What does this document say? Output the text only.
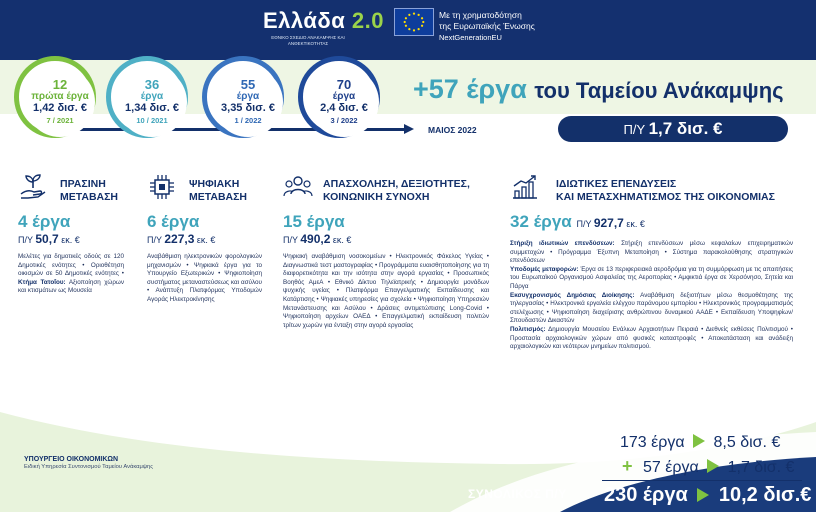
Ελλάδα 2.0
ΕΘΝΙΚΟ ΣΧΕΔΙΟ ΑΝΑΚΑΜΨΗΣ ΚΑΙ ΑΝΘΕΚΤΙΚΟΤΗΤΑΣ
Με τη χρηματοδότηση
της Ευρωπαϊκής Ένωσης
NextGenerationEU
12
πρώτα έργα
1,42 δισ. €
7 / 2021
36
έργα
1,34 δισ. €
10 / 2021
55
έργα
3,35 δισ. €
1 / 2022
70
έργα
2,4 δισ. €
3 / 2022
+57 έργα του Ταμείου Ανάκαμψης
ΜΑΙΟΣ 2022	Π/Υ 1,7 δισ. €
ΠΡΑΣΙΝΗ
ΜΕΤΑΒΑΣΗ
4 έργα
Π/Υ 50,7 εκ. €
Μελέτες για δημοτικές οδούς σε 120 Δημοτικές ενότητες • Οριοθέτηση οικισμών σε 50 Δημοτικές ενότητες • Κτήμα Τατοΐου: Αξιοποίηση χώρων και κτισμάτων ως Μουσεία
ΨΗΦΙΑΚΗ
ΜΕΤΑΒΑΣΗ
6 έργα
Π/Υ 227,3 εκ. €
Αναβάθμιση ηλεκτρονικών φορολογικών μηχανισμών • Ψηφιακά έργα για το Υπουργείο Εξωτερικών • Ψηφιοποίηση συστήματος μεταναστεύσεως και ασύλου • Ανάπτυξη Πλατφόρμας Υποδομών Αγοράς Ηλεκτροκίνησης
ΑΠΑΣΧΟΛΗΣΗ, ΔΕΞΙΟΤΗΤΕΣ,
ΚΟΙΝΩΝΙΚΗ ΣΥΝΟΧΗ
15 έργα
Π/Υ 490,2 εκ. €
Ψηφιακή αναβάθμιση νοσοκομείων • Ηλεκτρονικός Φάκελος Υγείας • Διαγνωστικά τεστ μαστογραφίας • Προγράμματα ευαισθητοποίησης για τη διαφορετικότητα και την ισότητα στην αγορά εργασίας • Προσωπικός Βοηθός ΑμεΑ • Εθνικό Δίκτυο Τηλεϊατρικής • Δημιουργία μονάδων ψυχικής υγείας • Πλατφόρμα Επαγγελματικής Εκπαίδευσης και Κατάρτισης • Ψηφιακές υπηρεσίες για σχολεία • Ψηφιοποίηση Υπηρεσιών Μετανάστευσης και Ασύλου • Δράσεις αντιμετώπισης Long-Covid • Ψηφιοποίηση αρχείων ΟΑΕΔ • Επαγγελματική εκπαίδευση πολιτών τρίτων χωρών για ένταξη στην αγορά εργασίας
ΙΔΙΩΤΙΚΕΣ ΕΠΕΝΔΥΣΕΙΣ
ΚΑΙ ΜΕΤΑΣΧΗΜΑΤΙΣΜΟΣ ΤΗΣ ΟΙΚΟΝΟΜΙΑΣ
32 έργα Π/Υ 927,7 εκ. €
Στήριξη ιδιωτικών επενδύσεων: Στήριξη επενδύσεων μέσω κεφαλαίων επιχειρηματικών συμμετοχών • Πρόγραμμα Έξυπνη Μεταποίηση • Σύστημα παρακολούθησης στρατηγικών επενδύσεων
Υποδομές μεταφορών: Έργα σε 13 περιφερειακά αεροδρόμια για τη συμμόρφωση με τις απαιτήσεις του Ευρωπαϊκού Οργανισμού Ασφαλείας της Αεροπορίας • Αμφικτιά έργα σε Χερσόνησο, Σητεία και Πάργα
Εκσυγχρονισμός Δημόσιας Διοίκησης: Αναβάθμιση δεξιοτήτων μέσω θεσμοθέτησης της τηλεργασίας • Ηλεκτρονικά εργαλεία ελέγχου παράνομου εμπορίου • Ηλεκτρονικός προγραμματισμός στελέχωσης • Ψηφιοποίηση διαχείρισης ανθρώπινου δυναμικού ΑΑΔΕ • Εκπαίδευση Υποψηφίων/Σπουδαστών Δικαστών
Πολιτισμός: Δημιουργία Μουσείου Ενάλιων Αρχαιοτήτων Πειραιά • Διεθνείς εκθέσεις Πολιτισμού • Προστασία αρχαιολογικών χώρων από φυσικές καταστροφές • Αποκατάσταση και ανάδειξη αρχαιολογικών και νεότερων μνημείων πολιτισμού.
ΥΠΟΥΡΓΕΙΟ ΟΙΚΟΝΟΜΙΚΩΝ
Ειδική Υπηρεσία Συντονισμού Ταμείου Ανάκαμψης
173 έργα 8,5 δισ. €
+ 57 έργα 1,7 δισ. €
ΣΥΝΟΛΙΚΟΣ Π/Υ 230 έργα 10,2 δισ.€
